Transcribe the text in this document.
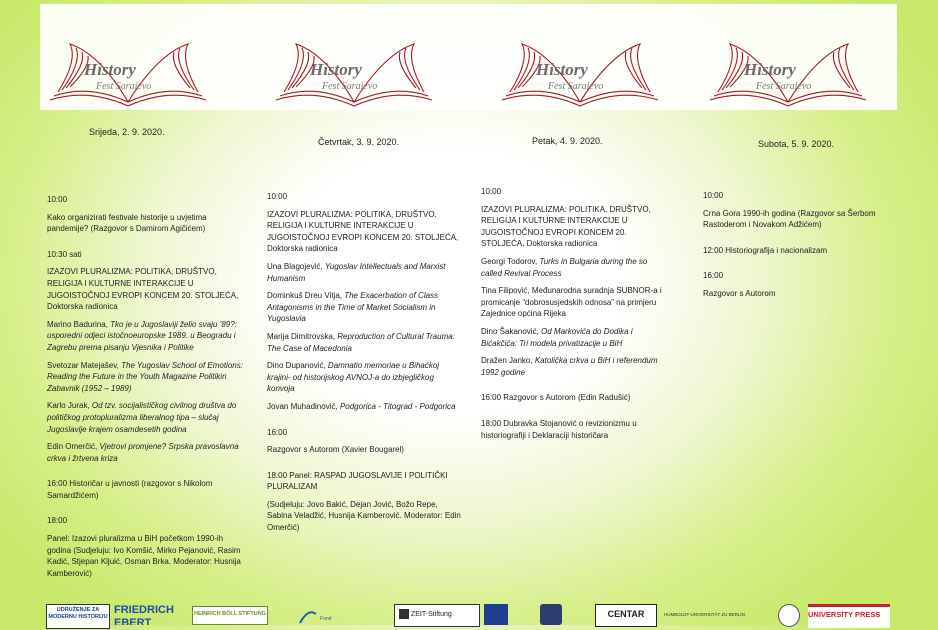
History
Fest Sarajevo
History
Fest Sarajevo
History
Fest Sarajevo
History
Fest Sarajevo
Srijeda, 2. 9. 2020.
Četvrtak, 3. 9. 2020.	Petak, 4. 9. 2020.	Subota, 5. 9. 2020.

10:00

Kako organizirati festivale historije u uvjetima pandemije? (Razgovor s Damirom Agičićem)

10:30 sati

IZAZOVI PLURALIZMA: POLITIKA, DRUŠTVO, RELIGIJA I KULTURNE INTERAKCIJE U JUGOISTOČNOJ EVROPI KONCEM 20. STOLJEĆA, Doktorska radionica

Marino Badurina, Tko je u Jugoslaviji želio svaju ’89?: usporedni odjeci istočnoeuropske 1989. u Beogradu i Zagrebu prema pisanju Vjesnika i Politike

Svetozar Matejašev, The Yugoslav School of Emotions: Reading the Future in the Youth Magazine Politikin Zabavnik (1952 – 1989)

Karlo Jurak, Od tzv. socijalističkog civilnog društva do političkog protopluralizma liberalnog tipa – slučaj Jugoslavije krajem osamdesetih godina

Edin Omerčić, Vjetrovi promjene? Srpska pravoslavna crkva i žrtvena kriza

16:00 Historičar u javnosti (razgovor s Nikolom Samardžićem)

18:00

Panel: Izazovi pluralizma u BiH početkom 1990-ih godina (Sudjeluju: Ivo Komšić, Mirko Pejanović, Rasim Kadić, Stjepan Kljuić, Osman Brka. Moderator: Husnija Kamberović)

10:00

IZAZOVI PLURALIZMA: POLITIKA, DRUŠTVO, RELIGIJA I KULTURNE INTERAKCIJE U JUGOISTOČNOJ EVROPI KONCEM 20. STOLJEĆA, Doktorska radionica

Una Blagojević, Yugoslav Intellectuals and Marxist Humanism

Dominkuš Dreu Vitja, The Exacerbation of Class Antagonisms in the Time of Market Socialism in Yugoslavia

Marija Dimitrovska, Reproduction of Cultural Trauma: The Case of Macedonia

Dino Dupanović, Damnatio memoriae u Bihaćkoj krajini- od historijskog AVNOJ-a do izbjegličkog konvoja

Jovan Muhadinović, Podgorica - Titograd - Podgorica

16:00

Razgovor s Autorom (Xavier Bougarel)

18:00 Panel: RASPAD JUGOSLAVIJE I POLITIČKI PLURALIZAM

(Sudjeluju: Jovo Bakić, Dejan Jović, Božo Repe, Sabina Veladžić, Husnija Kamberović. Moderator: Edin Omerčić)

10:00

IZAZOVI PLURALIZMA: POLITIKA, DRUŠTVO, RELIGIJA I KULTURNE INTERAKCIJE U JUGOISTOČNOJ EVROPI KONCEM 20. STOLJEĆA, Doktorska radionica

Georgi Todorov, Turks in Bulgaria during the so called Revival Process

Tina Filipović, Međunarodna suradnja SUBNOR-a i promicanje “dobrosusjedskih odnosa” na primjeru Zajednice općina Rijeka

Dino Šakanović, Od Markovića do Dodika i Bićakčića: Tri modela privatizacije u BiH

Dražen Janko, Katolička crkva u BiH i referendum 1992 godine

16:00 Razgovor s Autorom (Edin Radušić)

18:00 Dubravka Stojanović o revizionizmu u historiografiji i Deklaraciji historičara

10:00

Crna Gora 1990-ih godina (Razgovor sa Šerbom Rastoderom i Novakom Adžićem)

12:00 Historiografija i nacionalizam

16:00

Razgovor s Autorom

UDRUŽENJE ZA MODERNU HISTORIJU
FRIEDRICH EBERT
HEINRICH BÖLL STIFTUNG
Fond
ZEIT-Stiftung	CENTAR	HUMBOLDT-UNIVERSITÄT ZU BERLIN	UNIVERSITY PRESS
